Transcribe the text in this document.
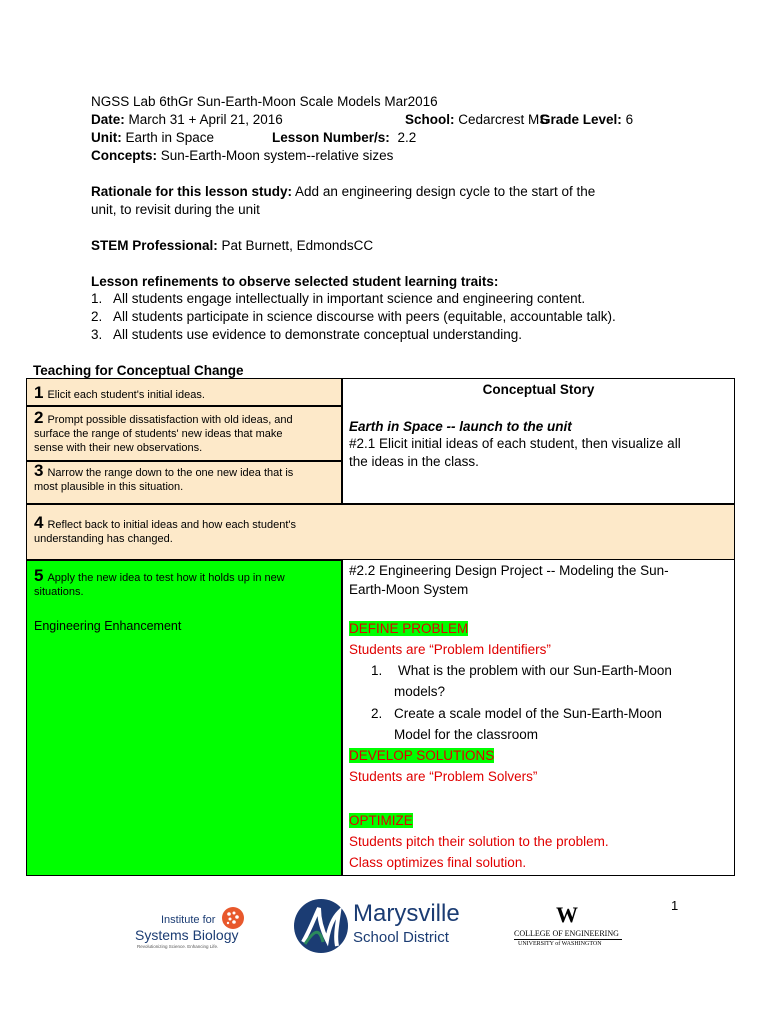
NGSS Lab 6thGr Sun-Earth-Moon Scale Models Mar2016
Date: March 31 + April 21, 2016	School: Cedarcrest MS
Grade Level: 6
Unit: Earth in Space	Lesson Number/s: 2.2
Concepts: Sun-Earth-Moon system--relative sizes
Rationale for this lesson study: Add an engineering design cycle to the start of the
unit, to revisit during the unit
STEM Professional: Pat Burnett, EdmondsCC
Lesson refinements to observe selected student learning traits:
1. All students engage intellectually in important science and engineering content.
2. All students participate in science discourse with peers (equitable, accountable talk).
3. All students use evidence to demonstrate conceptual understanding.
Teaching for Conceptual Change
1 Elicit each student's initial ideas.
2 Prompt possible dissatisfaction with old ideas, and
surface the range of students' new ideas that make
sense with their new observations.
3 Narrow the range down to the one new idea that is
most plausible in this situation.
4 Reflect back to initial ideas and how each student's
understanding has changed.
5 Apply the new idea to test how it holds up in new
situations.
Engineering Enhancement
Conceptual Story
Earth in Space -- launch to the unit
#2.1 Elicit initial ideas of each student, then visualize all
the ideas in the class.
#2.2 Engineering Design Project -- Modeling the Sun-
Earth-Moon System
DEFINE PROBLEM
Students are “Problem Identifiers”
1. What is the problem with our Sun-Earth-Moon
models?
2. Create a scale model of the Sun-Earth-Moon
Model for the classroom
DEVELOP SOLUTIONS
Students are “Problem Solvers”
OPTIMIZE
Students pitch their solution to the problem.
Class optimizes final solution.
1
Institute for
Systems Biology
Revolutionizing Science. Enhancing Life.
Marysville
School District
W
COLLEGE OF ENGINEERING
UNIVERSITY of WASHINGTON
